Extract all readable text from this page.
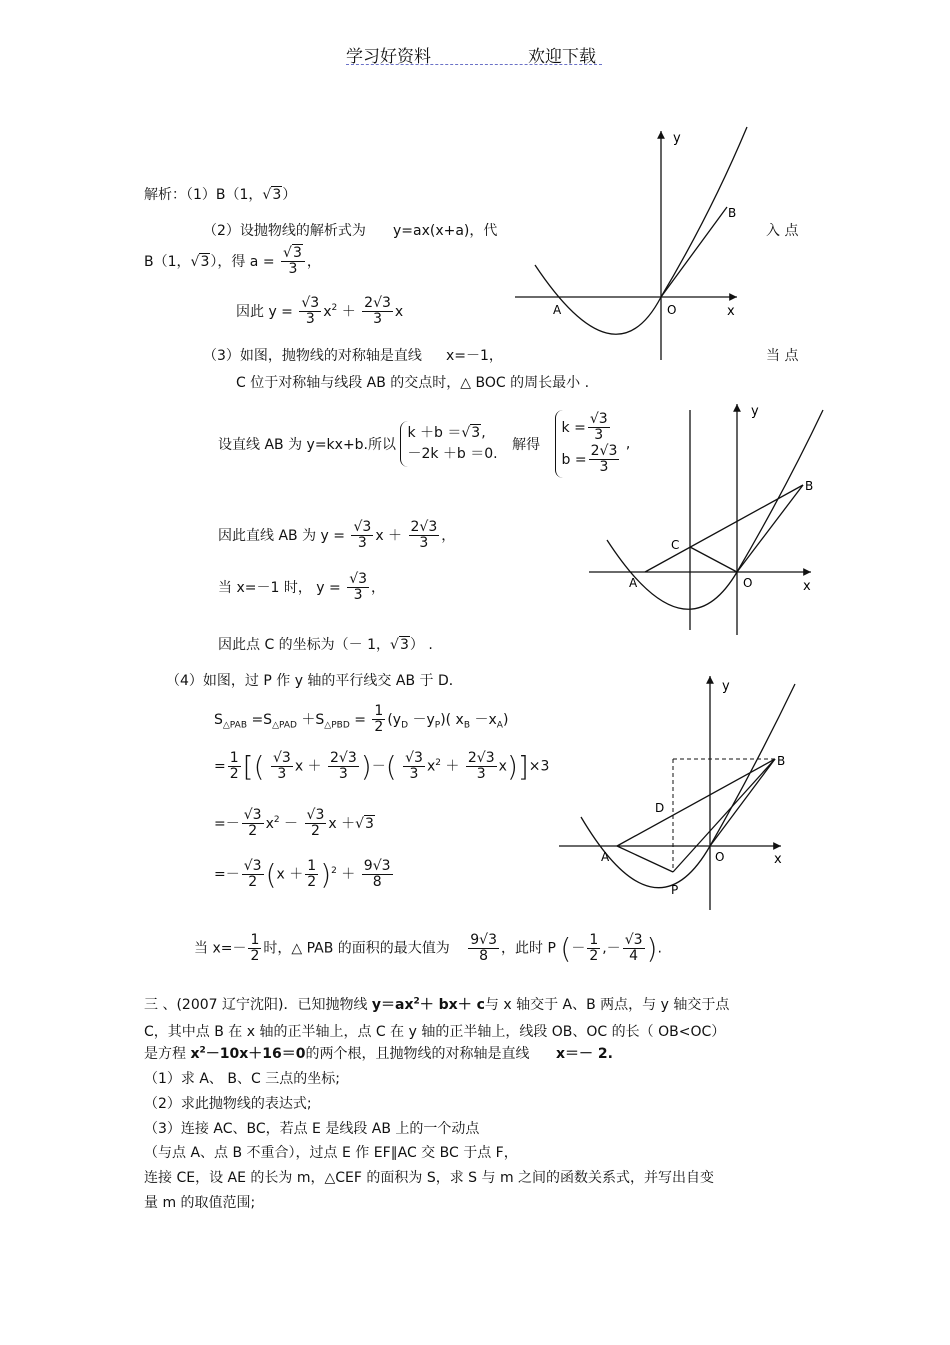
学习好资料	欢迎下载
解析：（1）B（1，√3）
（2）设抛物线的解析式为 y=ax(x+a)，代	入 点
B（1，√3），得 $a = \frac{√3}{3}$ ，
因此 $y = \frac{√3}{3} x^2 + \frac{2√3}{3}$ x
（3）如图，抛物线的对称轴是直线 x=－1，	当 点
C 位于对称轴与线段 AB 的交点时，△ BOC 的周长最小 .
设直线 AB 为 y=kx+b.所以
k ＋b ＝√3,
－2k ＋b ＝0.
解得
$k = \frac{√3}{3}$
$b = \frac{2√3}{3}$ ,
因此直线 AB 为 $y = \frac{√3}{3}$ $x + \frac{2√3}{3}$ ，
当 x=－1 时， $y = \frac{√3}{3}$ ，
因此点 C 的坐标为（－ 1，√3） .
（4）如图，过 P 作 y 轴的平行线交 AB 于 D．
$S_{\triangle PAB} =S_{\triangle PAD} +S_{\triangle PBD} = \frac{1}{2} (y_D -y_P)$( $x_B -x_A$)
= $\frac{1}{2}$ [( $\frac{√3}{3}$ $x + \frac{2√3}{3}$ )－( $\frac{√3}{3} x^2 + \frac{2√3}{3} x)]\times 3$
=－ $\frac{√3}{2} x^2 - \frac{√3}{2}$ x ＋√3
=－ $\frac{√3}{2} (x + \frac{1}{2} )^2 + \frac{9√3}{8}$
当 $x=- \frac{1}{2}$ 时，△ PAB 的面积的最大值为 $\frac{9√3}{8}$ ，此时 P (－ $\frac{1}{2}$ ,－ $\frac{√3}{4}$ ).
三 、(2007 辽宁沈阳)．已知抛物线 $y=ax^2+ bx+ c$与 x 轴交于 A、B 两点，与 y 轴交于点
C，其中点 B 在 x 轴的正半轴上，点 C 在 y 轴的正半轴上，线段 OB、OC 的长（ OB<OC）
是方程 $x^2-10x+16=0$的两个根，且抛物线的对称轴是直线 x＝－ 2.
（1）求 A、 B、C 三点的坐标;
（2）求此抛物线的表达式;
（3）连接 AC、BC，若点 E 是线段 AB 上的一个动点
（与点 A、点 B 不重合），过点 E 作 EF∥AC 交 BC 于点 F，
连接 CE，设 AE 的长为 m，△CEF 的面积为 S，求 S 与 m 之间的函数关系式，并写出自变
量 m 的取值范围;
y
x
A	O
B
y
x
A	O
B
C
y
x
A	O
B
D
P
